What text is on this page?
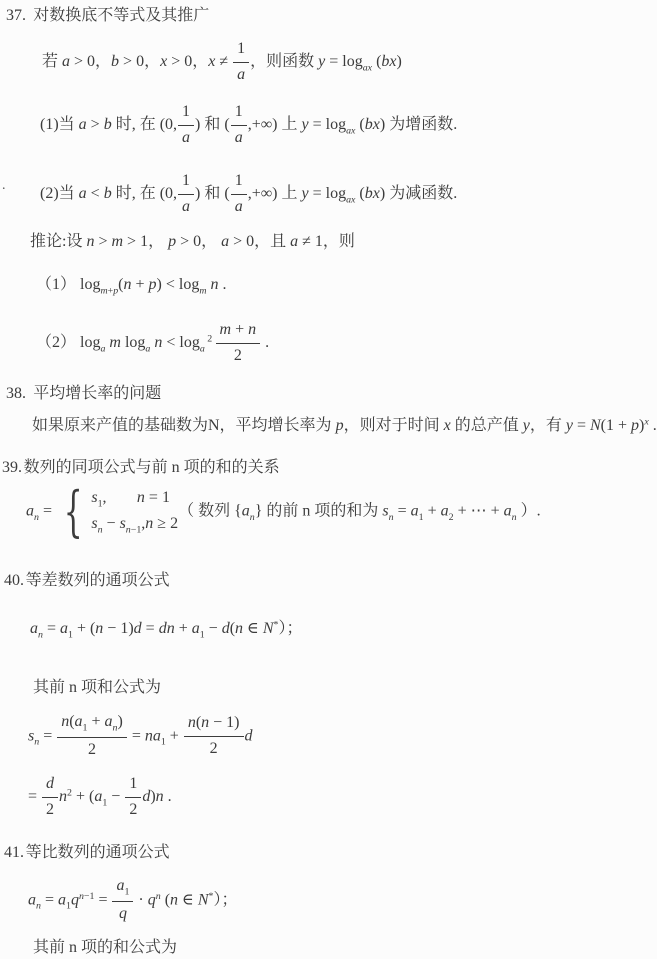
37. 对数换底不等式及其推广
若 a > 0，b > 0，x > 0，$x \ne \frac{1}{a}$ ，则函数 $y = \log_{ax} (bx)$
(1)当 a > b 时, 在 (0, $\frac{1}{a}$ ) 和 ( $\frac{1}{a}$ ,+∞) 上 $y = \log_{ax} (bx)$ 为增函数.
(2)当 a < b 时, 在 (0, $\frac{1}{a}$ ) 和 ( $\frac{1}{a}$ ,+∞) 上 $y = \log_{ax} (bx)$ 为减函数.
推论:设 n > m > 1， p > 0， a > 0，且 a ≠ 1，则
（1） $\log_{m+p}(n + p) < \log_m n$ .
（2） $\log_a m$ $\log_a n < \log_a^2 \frac{m + n}{2}$ .
38. 平均增长率的问题
如果原来产值的基础数为N，平均增长率为 p，则对于时间 x 的总产值 y，有 $y = N(1 + p)^x$ .
39.数列的同项公式与前 n 项的和的关系
$a_n$ = { $s_1$, n = 1
$s_n - s_{n-1},n \ge 2$
（ 数列 $\{a_n\}$ 的前 n 项的和为 $s_n = a_1 + a_2$ + ⋯ + $a_n$ ）.
40.等差数列的通项公式
$a_n = a_1 + (n - 1)d$ = dn + $a_1 - d(n$ ∈ N*）；
其前 n 项和公式为
$s_n = \frac{n(a_1 + a_n)}{2} = na_1 + \frac{n(n - 1)}{2}$ d
= $\frac{d}{2} n^2 + (a_1 - \frac{1}{2} d)n$ .
41.等比数列的通项公式
$a_n = a_1q^{n-1} = \frac{a_1}{q} \cdot q^n$ (n ∈ N*）；
其前 n 项的和公式为
.
